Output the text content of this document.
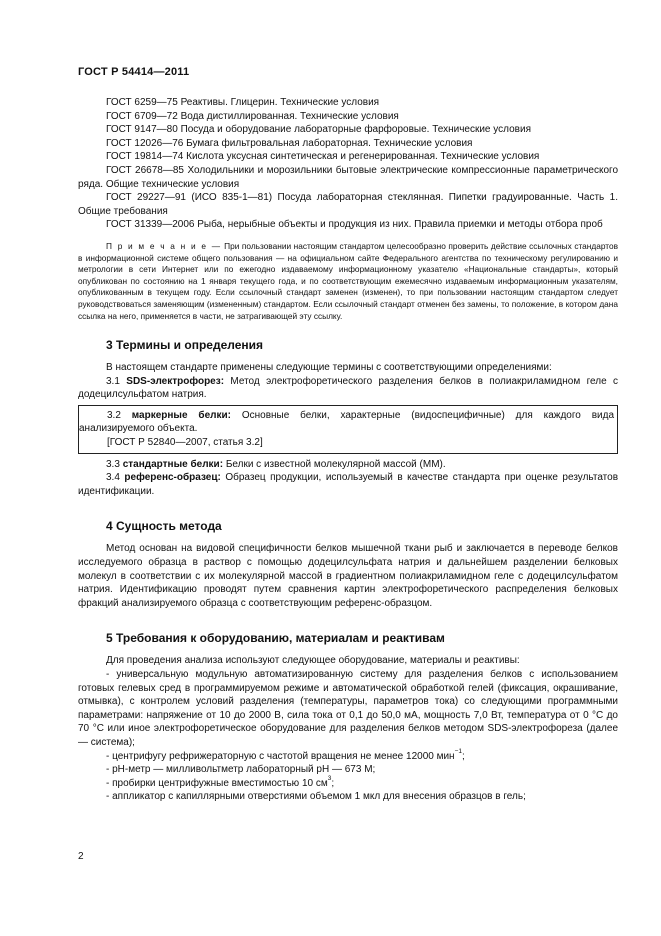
ГОСТ Р 54414—2011

ГОСТ 6259—75 Реактивы. Глицерин. Технические условия

ГОСТ 6709—72 Вода дистиллированная. Технические условия

ГОСТ 9147—80 Посуда и оборудование лабораторные фарфоровые. Технические условия

ГОСТ 12026—76 Бумага фильтровальная лабораторная. Технические условия

ГОСТ 19814—74 Кислота уксусная синтетическая и регенерированная. Технические условия

ГОСТ 26678—85 Холодильники и морозильники бытовые электрические компрессионные параметрического ряда. Общие технические условия

ГОСТ 29227—91 (ИСО 835-1—81) Посуда лабораторная стеклянная. Пипетки градуированные. Часть 1. Общие требования

ГОСТ 31339—2006 Рыба, нерыбные объекты и продукция из них. Правила приемки и методы отбора проб

П р и м е ч а н и е — При пользовании настоящим стандартом целесообразно проверить действие ссылочных стандартов в информационной системе общего пользования — на официальном сайте Федерального агентства по техническому регулированию и метрологии в сети Интернет или по ежегодно издаваемому информационному указателю «Национальные стандарты», который опубликован по состоянию на 1 января текущего года, и по соответствующим ежемесячно издаваемым информационным указателям, опубликованным в текущем году. Если ссылочный стандарт заменен (изменен), то при пользовании настоящим стандартом следует руководствоваться заменяющим (измененным) стандартом. Если ссылочный стандарт отменен без замены, то положение, в котором дана ссылка на него, применяется в части, не затрагивающей эту ссылку.

3 Термины и определения

В настоящем стандарте применены следующие термины с соответствующими определениями:

3.1 SDS-электрофорез: Метод электрофоретического разделения белков в полиакриламидном геле с додецилсульфатом натрия.

3.2 маркерные белки: Основные белки, характерные (видоспецифичные) для каждого вида анализируемого объекта.

[ГОСТ Р 52840—2007, статья 3.2]

3.3 стандартные белки: Белки с известной молекулярной массой (ММ).

3.4 референс-образец: Образец продукции, используемый в качестве стандарта при оценке результатов идентификации.

4 Сущность метода

Метод основан на видовой специфичности белков мышечной ткани рыб и заключается в переводе белков исследуемого образца в раствор с помощью додецилсульфата натрия и дальнейшем разделении белковых молекул в соответствии с их молекулярной массой в градиентном полиакриламидном геле с додецилсульфатом натрия. Идентификацию проводят путем сравнения картин электрофоретического распределения белковых фракций анализируемого образца с соответствующим референс-образцом.

5 Требования к оборудованию, материалам и реактивам

Для проведения анализа используют следующее оборудование, материалы и реактивы:

- универсальную модульную автоматизированную систему для разделения белков с использованием готовых гелевых сред в программируемом режиме и автоматической обработкой гелей (фиксация, окрашивание, отмывка), с контролем условий разделения (температуры, параметров тока) со следующими программными параметрами: напряжение от 10 до 2000 В, сила тока от 0,1 до 50,0 мА, мощность 7,0 Вт, температура от 0 °С до 70 °С или иное электрофоретическое оборудование для разделения белков методом SDS-электрофореза (далее — система);

- центрифугу рефрижераторную с частотой вращения не менее 12000 мин$^{-1}$;

- рН-метр — милливольтметр лабораторный рН — 673 М;

- пробирки центрифужные вместимостью 10 $см^3$;

- аппликатор с капиллярными отверстиями объемом 1 мкл для внесения образцов в гель;

2
